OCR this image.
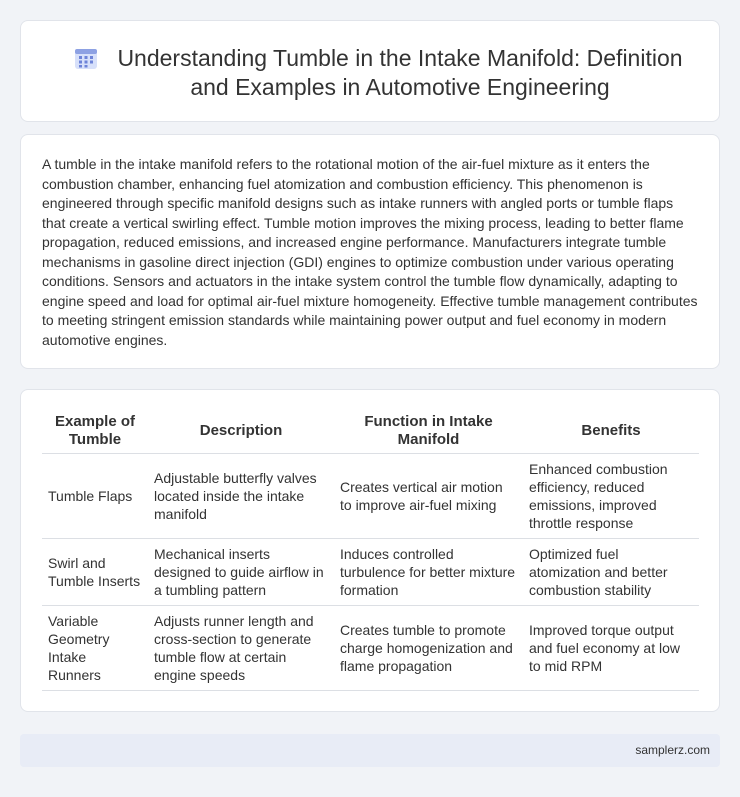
Understanding Tumble in the Intake Manifold: Definition and Examples in Automotive Engineering

A tumble in the intake manifold refers to the rotational motion of the air-fuel mixture as it enters the combustion chamber, enhancing fuel atomization and combustion efficiency. This phenomenon is engineered through specific manifold designs such as intake runners with angled ports or tumble flaps that create a vertical swirling effect. Tumble motion improves the mixing process, leading to better flame propagation, reduced emissions, and increased engine performance. Manufacturers integrate tumble mechanisms in gasoline direct injection (GDI) engines to optimize combustion under various operating conditions. Sensors and actuators in the intake system control the tumble flow dynamically, adapting to engine speed and load for optimal air-fuel mixture homogeneity. Effective tumble management contributes to meeting stringent emission standards while maintaining power output and fuel economy in modern automotive engines.

Example of Tumble	Description	Function in Intake Manifold	Benefits
Tumble Flaps	Adjustable butterfly valves located inside the intake manifold	Creates vertical air motion to improve air-fuel mixing	Enhanced combustion efficiency, reduced emissions, improved throttle response
Swirl and Tumble Inserts	Mechanical inserts designed to guide airflow in a tumbling pattern	Induces controlled turbulence for better mixture formation	Optimized fuel atomization and better combustion stability
Variable Geometry Intake Runners	Adjusts runner length and cross-section to generate tumble flow at certain engine speeds	Creates tumble to promote charge homogenization and flame propagation	Improved torque output and fuel economy at low to mid RPM
samplerz.com
